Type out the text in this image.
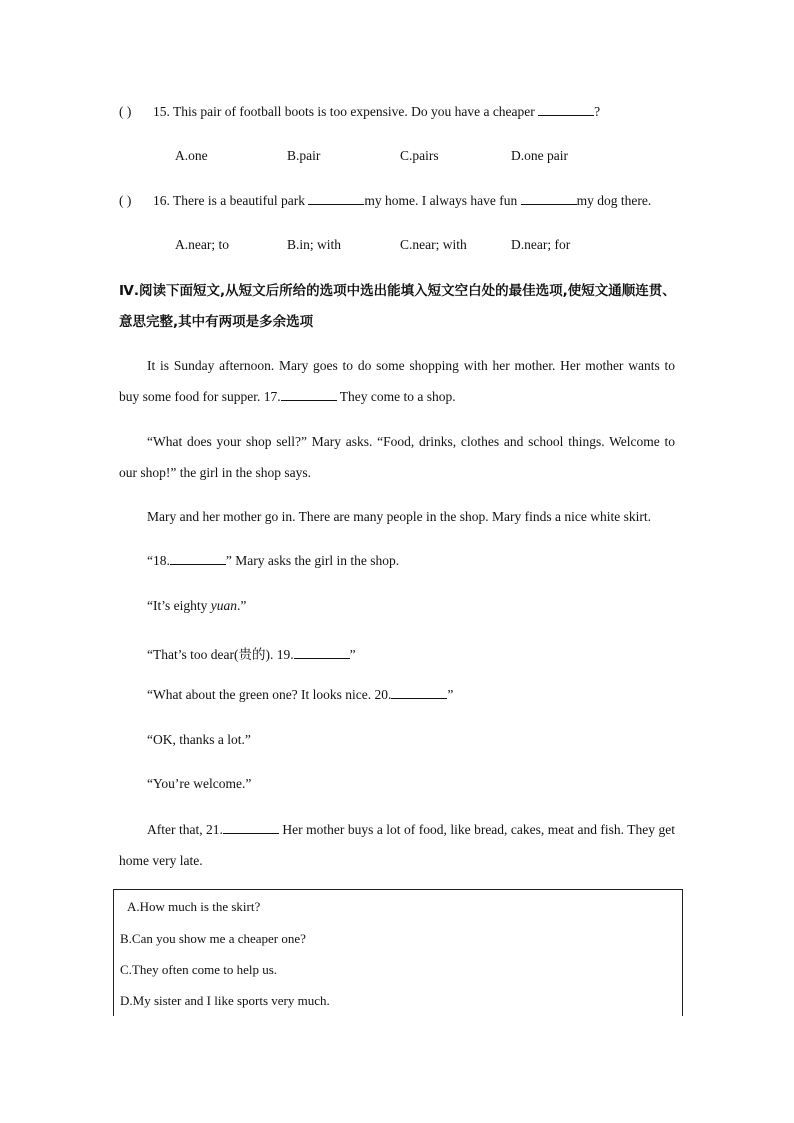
( ) 15. This pair of football boots is too expensive. Do you have a cheaper	?
A.one	B.pair	C.pairs	D.one pair
( ) 16. There is a beautiful park	my home. I always have fun	my dog there.
A.near; to	B.in; with	C.near; with	D.near; for
Ⅳ.阅读下面短文,从短文后所给的选项中选出能填入短文空白处的最佳选项,使短文通顺连贯、意思完整,其中有两项是多余选项
It is Sunday afternoon. Mary goes to do some shopping with her mother. Her mother wants to buy some food for supper. 17.	They come to a shop.
“What does your shop sell?” Mary asks. “Food, drinks, clothes and school things. Welcome to our shop!” the girl in the shop says.
Mary and her mother go in. There are many people in the shop. Mary finds a nice white skirt.
“18.	” Mary asks the girl in the shop.
“It’s eighty yuan.”
“That’s too dear(贵的). 19.	”
“What about the green one? It looks nice. 20.	”
“OK, thanks a lot.”
“You’re welcome.”
After that, 21.	Her mother buys a lot of food, like bread, cakes, meat and fish. They get home very late.
A.How much is the skirt?
B.Can you show me a cheaper one?
C.They often come to help us.
D.My sister and I like sports very much.
